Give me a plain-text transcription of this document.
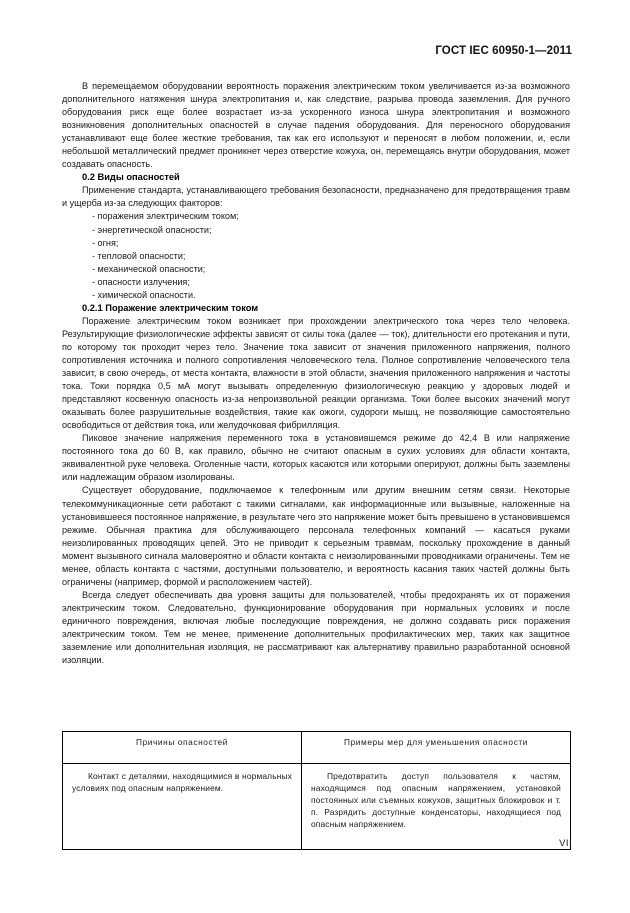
ГОСТ IEC 60950-1—2011

В перемещаемом оборудовании вероятность поражения электрическим током увеличивается из-за возможного дополнительного натяжения шнура электропитания и, как следствие, разрыва провода заземления. Для ручного оборудования риск еще более возрастает из-за ускоренного износа шнура электропитания и возможного возникновения дополнительных опасностей в случае падения оборудования. Для переносного оборудования устанавливают еще более жесткие требования, так как его используют и переносят в любом положении, и, если небольшой металлический предмет проникнет через отверстие кожуха, он, перемещаясь внутри оборудования, может создавать опасность.

0.2 Виды опасностей

Применение стандарта, устанавливающего требования безопасности, предназначено для предотвращения травм и ущерба из-за следующих факторов:

- поражения электрическим током;
- энергетической опасности;
- огня;
- тепловой опасности;
- механической опасности;
- опасности излучения;
- химической опасности.
0.2.1 Поражение электрическим током

Поражение электрическим током возникает при прохождении электрического тока через тело человека. Результирующие физиологические эффекты зависят от силы тока (далее — ток), длительности его протекания и пути, по которому ток проходит через тело. Значение тока зависит от значения приложенного напряжения, полного сопротивления источника и полного сопротивления человеческого тела. Полное сопротивление человеческого тела зависит, в свою очередь, от места контакта, влажности в этой области, значения приложенного напряжения и частоты тока. Токи порядка 0,5 мА могут вызывать определенную физиологическую реакцию у здоровых людей и представляют косвенную опасность из-за непроизвольной реакции организма. Токи более высоких значений могут оказывать более разрушительные воздействия, такие как ожоги, судороги мышц, не позволяющие самостоятельно освободиться от действия тока, или желудочковая фибрилляция.

Пиковое значение напряжения переменного тока в установившемся режиме до 42,4 В или напряжение постоянного тока до 60 В, как правило, обычно не считают опасным в сухих условиях для области контакта, эквивалентной руке человека. Оголенные части, которых касаются или которыми оперируют, должны быть заземлены или надлежащим образом изолированы.

Существует оборудование, подключаемое к телефонным или другим внешним сетям связи. Некоторые телекоммуникационные сети работают с такими сигналами, как информационные или вызывные, наложенные на установившееся постоянное напряжение, в результате чего это напряжение может быть превышено в установившемся режиме. Обычная практика для обслуживающего персонала телефонных компаний — касаться руками неизолированных проводящих цепей. Это не приводит к серьезным травмам, поскольку прохождение в данный момент вызывного сигнала маловероятно и области контакта с неизолированными проводниками ограничены. Тем не менее, область контакта с частями, доступными пользователю, и вероятность касания таких частей должны быть ограничены (например, формой и расположением частей).

Всегда следует обеспечивать два уровня защиты для пользователей, чтобы предохранять их от поражения электрическим током. Следовательно, функционирование оборудования при нормальных условиях и после единичного повреждения, включая любые последующие повреждения, не должно создавать риск поражения электрическим током. Тем не менее, применение дополнительных профилактических мер, таких как защитное заземление или дополнительная изоляция, не рассматривают как альтернативу правильно разработанной основной изоляции.

Причины опасностей	Примеры мер для уменьшения опасности
Контакт с деталями, находящимися в нормальных условиях под опасным напряжением.	Предотвратить доступ пользователя к частям, находящимся под опасным напряжением, установкой постоянных или съемных кожухов, защитных блокировок и т. п. Разрядить доступные конденсаторы, находящиеся под опасным напряжением.
VII
